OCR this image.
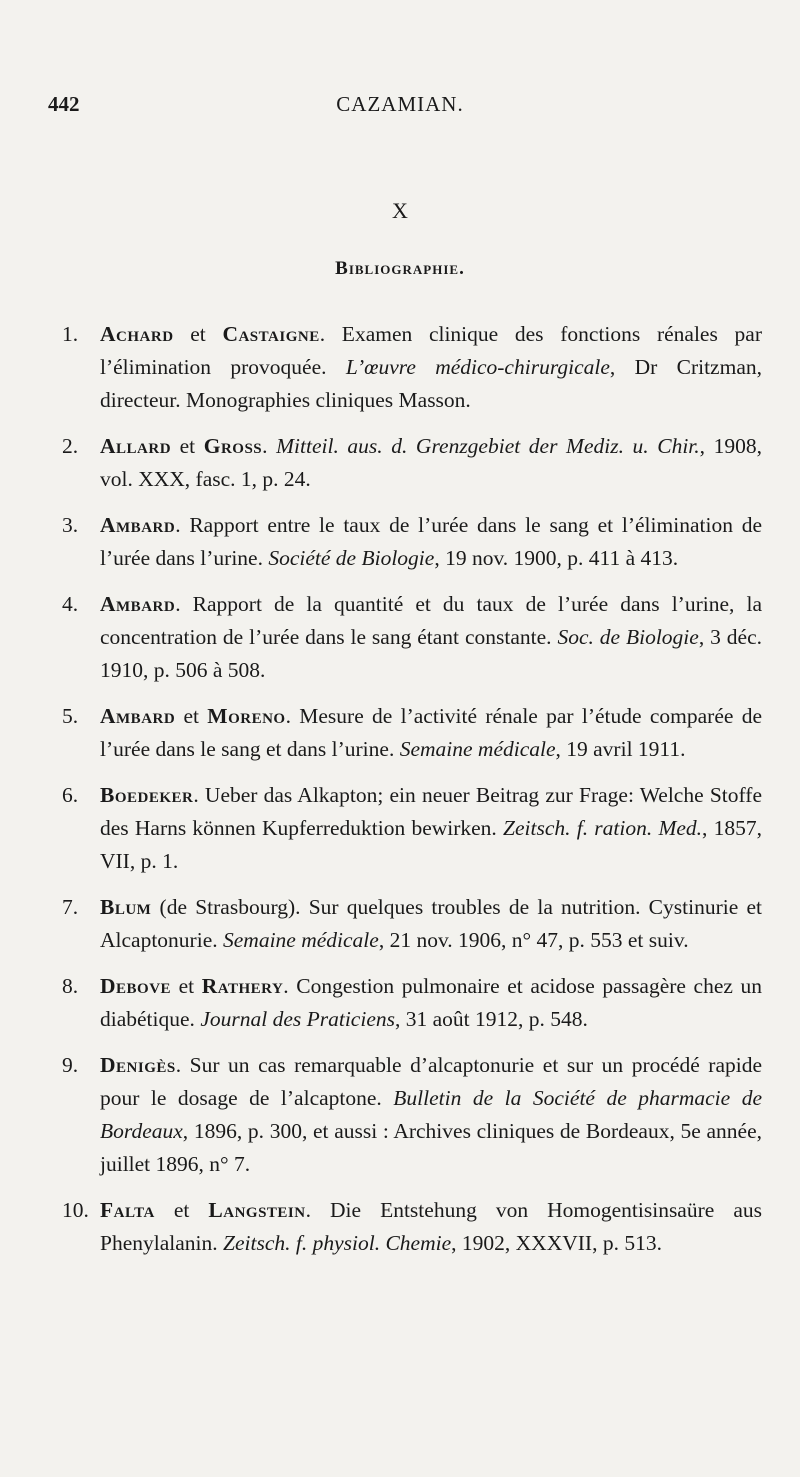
442	CAZAMIAN.
X
Bibliographie.
1.	Achard et Castaigne. Examen clinique des fonctions rénales par l’élimination provoquée. L’œuvre médico-chirurgicale, Dr Critzman, directeur. Monographies cliniques Masson.
2.	Allard et Gross. Mitteil. aus. d. Grenzgebiet der Mediz. u. Chir., 1908, vol. XXX, fasc. 1, p. 24.
3.	Ambard. Rapport entre le taux de l’urée dans le sang et l’élimination de l’urée dans l’urine. Société de Biologie, 19 nov. 1900, p. 411 à 413.
4.	Ambard. Rapport de la quantité et du taux de l’urée dans l’urine, la concentration de l’urée dans le sang étant constante. Soc. de Biologie, 3 déc. 1910, p. 506 à 508.
5.	Ambard et Moreno. Mesure de l’activité rénale par l’étude comparée de l’urée dans le sang et dans l’urine. Semaine médicale, 19 avril 1911.
6.	Boedeker. Ueber das Alkapton; ein neuer Beitrag zur Frage: Welche Stoffe des Harns können Kupferreduktion bewirken. Zeitsch. f. ration. Med., 1857, VII, p. 1.
7.	Blum (de Strasbourg). Sur quelques troubles de la nutrition. Cystinurie et Alcaptonurie. Semaine médicale, 21 nov. 1906, n° 47, p. 553 et suiv.
8.	Debove et Rathery. Congestion pulmonaire et acidose passagère chez un diabétique. Journal des Praticiens, 31 août 1912, p. 548.
9.	Denigès. Sur un cas remarquable d’alcaptonurie et sur un procédé rapide pour le dosage de l’alcaptone. Bulletin de la Société de pharmacie de Bordeaux, 1896, p. 300, et aussi : Archives cliniques de Bordeaux, 5e année, juillet 1896, n° 7.
10. Falta et Langstein. Die Entstehung von Homogentisinsaüre aus Phenylalanin. Zeitsch. f. physiol. Chemie, 1902, XXXVII, p. 513.
